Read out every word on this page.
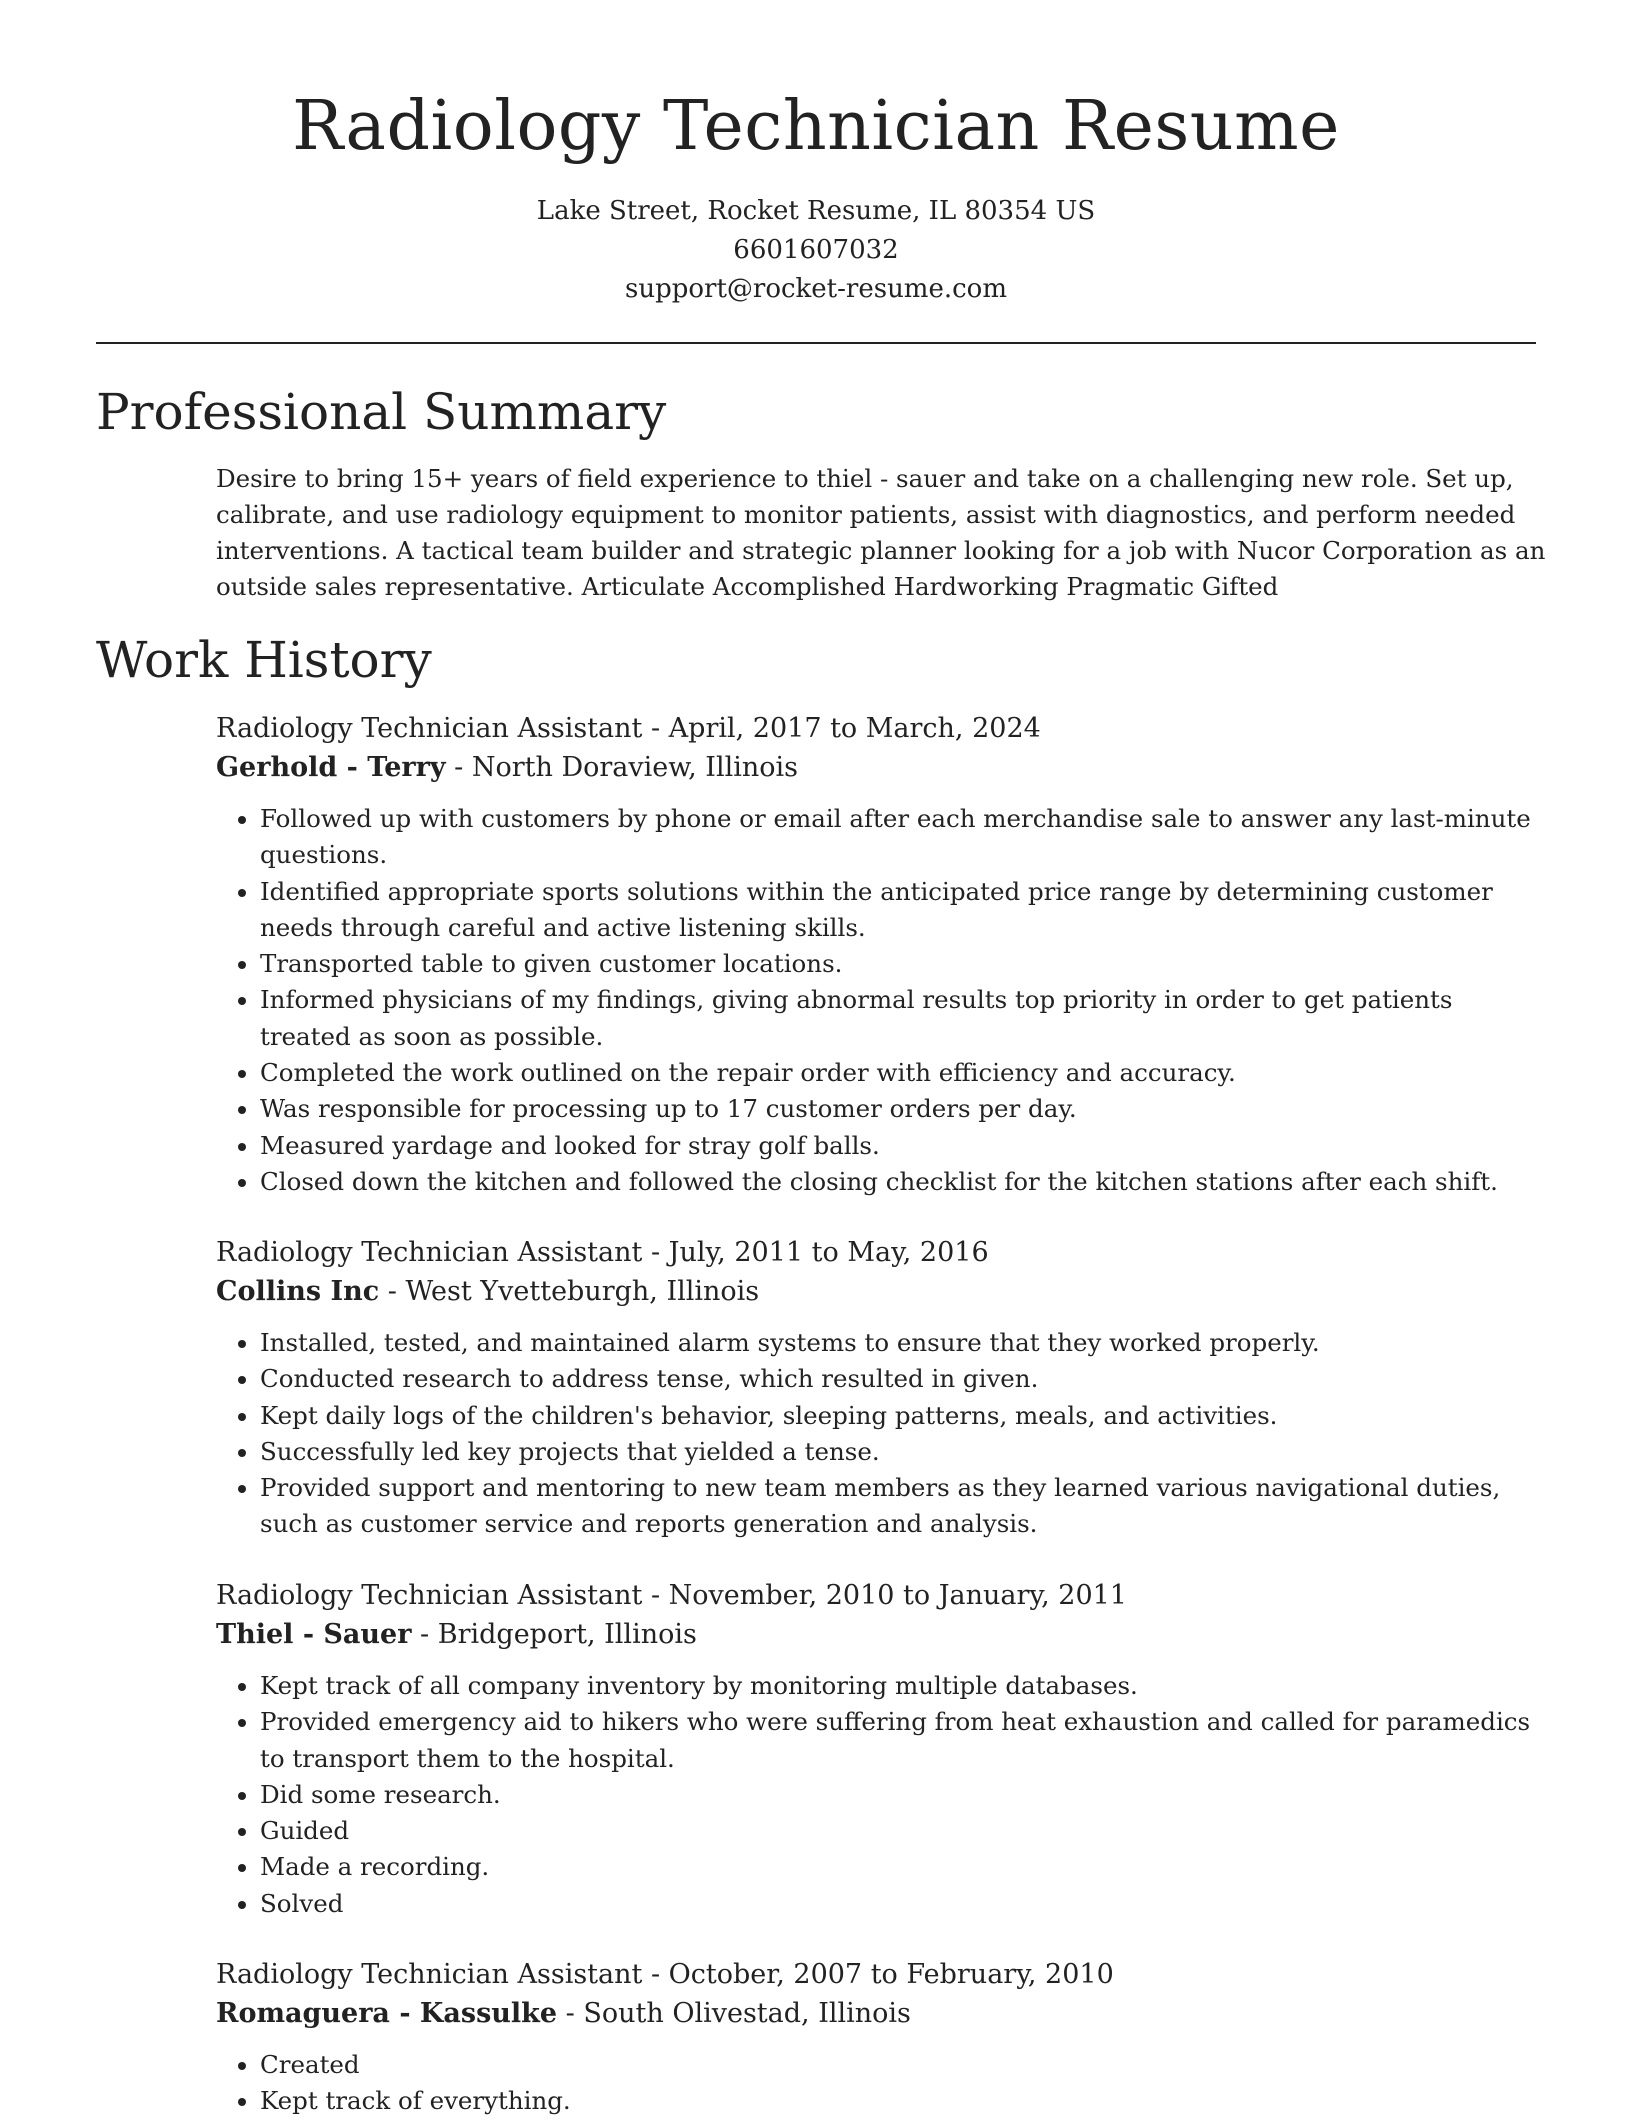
Radiology Technician Resume
Lake Street, Rocket Resume, IL 80354 US
6601607032
support@rocket-resume.com
Professional Summary

Desire to bring 15+ years of field experience to thiel - sauer and take on a challenging new role. Set up, calibrate, and use radiology equipment to monitor patients, assist with diagnostics, and perform needed interventions. A tactical team builder and strategic planner looking for a job with Nucor Corporation as an outside sales representative. Articulate Accomplished Hardworking Pragmatic Gifted

Work History

Radiology Technician Assistant - April, 2017 to March, 2024

Gerhold - Terry - North Doraview, Illinois

• Followed up with customers by phone or email after each merchandise sale to answer any last-minute questions.
• Identified appropriate sports solutions within the anticipated price range by determining customer needs through careful and active listening skills.
• Transported table to given customer locations.
• Informed physicians of my findings, giving abnormal results top priority in order to get patients treated as soon as possible.
• Completed the work outlined on the repair order with efficiency and accuracy.
• Was responsible for processing up to 17 customer orders per day.
• Measured yardage and looked for stray golf balls.
• Closed down the kitchen and followed the closing checklist for the kitchen stations after each shift.

Radiology Technician Assistant - July, 2011 to May, 2016

Collins Inc - West Yvetteburgh, Illinois

• Installed, tested, and maintained alarm systems to ensure that they worked properly.
• Conducted research to address tense, which resulted in given.
• Kept daily logs of the children's behavior, sleeping patterns, meals, and activities.
• Successfully led key projects that yielded a tense.
• Provided support and mentoring to new team members as they learned various navigational duties, such as customer service and reports generation and analysis.

Radiology Technician Assistant - November, 2010 to January, 2011

Thiel - Sauer - Bridgeport, Illinois

• Kept track of all company inventory by monitoring multiple databases.
• Provided emergency aid to hikers who were suffering from heat exhaustion and called for paramedics to transport them to the hospital.
• Did some research.
• Guided
• Made a recording.
• Solved

Radiology Technician Assistant - October, 2007 to February, 2010

Romaguera - Kassulke - South Olivestad, Illinois

• Created
• Kept track of everything.
